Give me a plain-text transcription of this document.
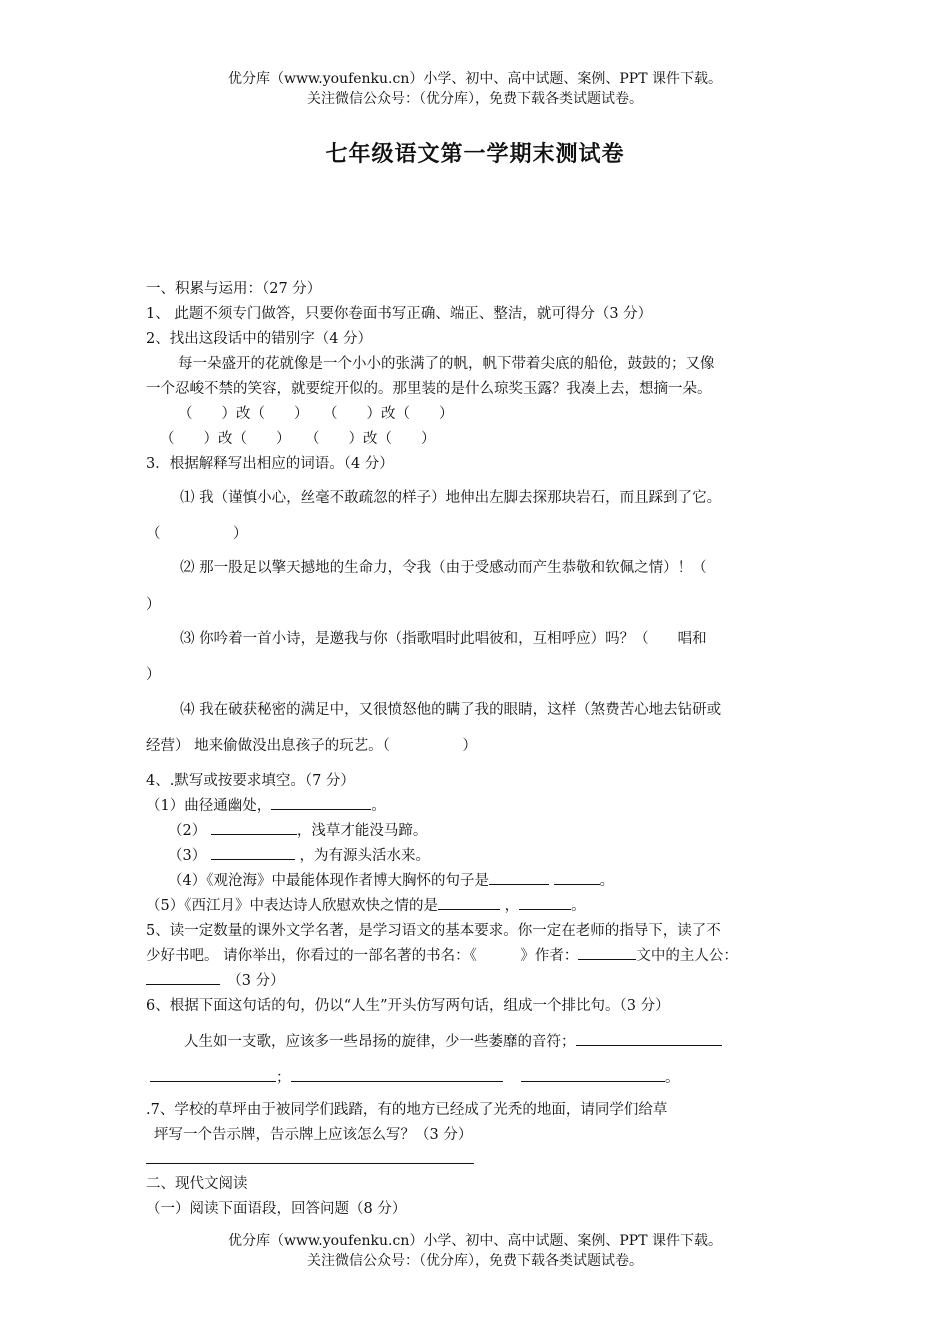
优分库（www.youfenku.cn）小学、初中、高中试题、案例、PPT 课件下载。
关注微信公众号：（优分库），免费下载各类试题试卷。
七年级语文第一学期末测试卷
一、积累与运用：（27 分）
1、 此题不须专门做答，只要你卷面书写正确、端正、整洁，就可得分（3 分）
2、找出这段话中的错别字（4 分）
每一朵盛开的花就像是一个小小的张满了的帆，帆下带着尖底的船伧，鼓鼓的；又像
一个忍峻不禁的笑容，就要绽开似的。那里装的是什么琼奖玉露？我凑上去，想摘一朵。
（　　）改（　　）　　（　　）改（　　）
（　　）改（　　）　　（　　）改（　　）
3．根据解释写出相应的词语。（4 分）
⑴ 我（谨慎小心，丝毫不敢疏忽的样子）地伸出左脚去探那块岩石，而且踩到了它。
（　　　　　）
⑵ 那一股足以擎天撼地的生命力，令我（由于受感动而产生恭敬和钦佩之情）！（
）
⑶ 你吟着一首小诗，是邀我与你（指歌唱时此唱彼和，互相呼应）吗？（　　唱和
）
⑷ 我在破获秘密的满足中，又很愤怒他的瞒了我的眼睛，这样（煞费苦心地去钻研或
经营） 地来偷做没出息孩子的玩艺。（　　　　　）
4、.默写或按要求填空。（7 分）
（1）曲径通幽处，	。
（2）	，浅草才能没马蹄。
（3）	，为有源头活水来。
（4）《观沧海》中最能体现作者博大胸怀的句子是	。
（5）《西江月》中表达诗人欣慰欢快之情的是	，	。
5、读一定数量的课外文学名著，是学习语文的基本要求。你一定在老师的指导下，读了不
少好书吧。 请你举出，你看过的一部名著的书名：《　　　》作者：	文中的主人公：
　（3 分）
6、根据下面这句话的句，仍以“人生”开头仿写两句话，组成一个排比句。（3 分）
人生如一支歌，应该多一些昂扬的旋律，少一些萎靡的音符；
；	。
.7、学校的草坪由于被同学们践踏，有的地方已经成了光秃的地面，请同学们给草
坪写一个告示牌，告示牌上应该怎么写？（3 分）
二、现代文阅读
（一）阅读下面语段，回答问题（8 分）
优分库（www.youfenku.cn）小学、初中、高中试题、案例、PPT 课件下载。
关注微信公众号：（优分库），免费下载各类试题试卷。
